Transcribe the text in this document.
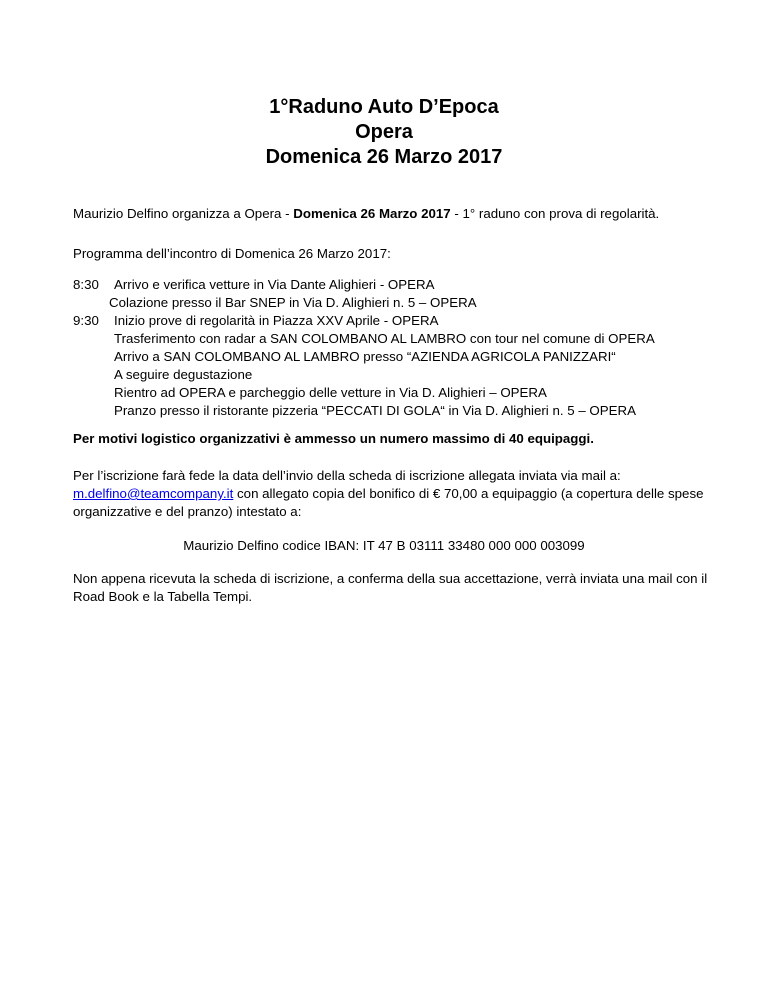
1°Raduno Auto D’Epoca
Opera
Domenica 26 Marzo 2017
Maurizio Delfino organizza a Opera - Domenica 26 Marzo 2017 - 1° raduno con prova di regolarità.
Programma dell’incontro di Domenica 26 Marzo 2017:
8:30 Arrivo e verifica vetture in Via Dante Alighieri - OPERA
Colazione presso il Bar SNEP in Via D. Alighieri n. 5 – OPERA
9:30 Inizio prove di regolarità in Piazza XXV Aprile - OPERA
Trasferimento con radar a SAN COLOMBANO AL LAMBRO con tour nel comune di OPERA
Arrivo a SAN COLOMBANO AL LAMBRO presso “AZIENDA AGRICOLA PANIZZARI“
A seguire degustazione
Rientro ad OPERA e parcheggio delle vetture in Via D. Alighieri – OPERA
Pranzo presso il ristorante pizzeria “PECCATI DI GOLA“ in Via D. Alighieri n. 5 – OPERA
Per motivi logistico organizzativi è ammesso un numero massimo di 40 equipaggi.
Per l’iscrizione farà fede la data dell’invio della scheda di iscrizione allegata inviata via mail a: m.delfino@teamcompany.it con allegato copia del bonifico di € 70,00 a equipaggio (a copertura delle spese organizzative e del pranzo) intestato a:
Maurizio Delfino codice IBAN: IT 47 B 03111 33480 000 000 003099
Non appena ricevuta la scheda di iscrizione, a conferma della sua accettazione, verrà inviata una mail con il Road Book e la Tabella Tempi.
